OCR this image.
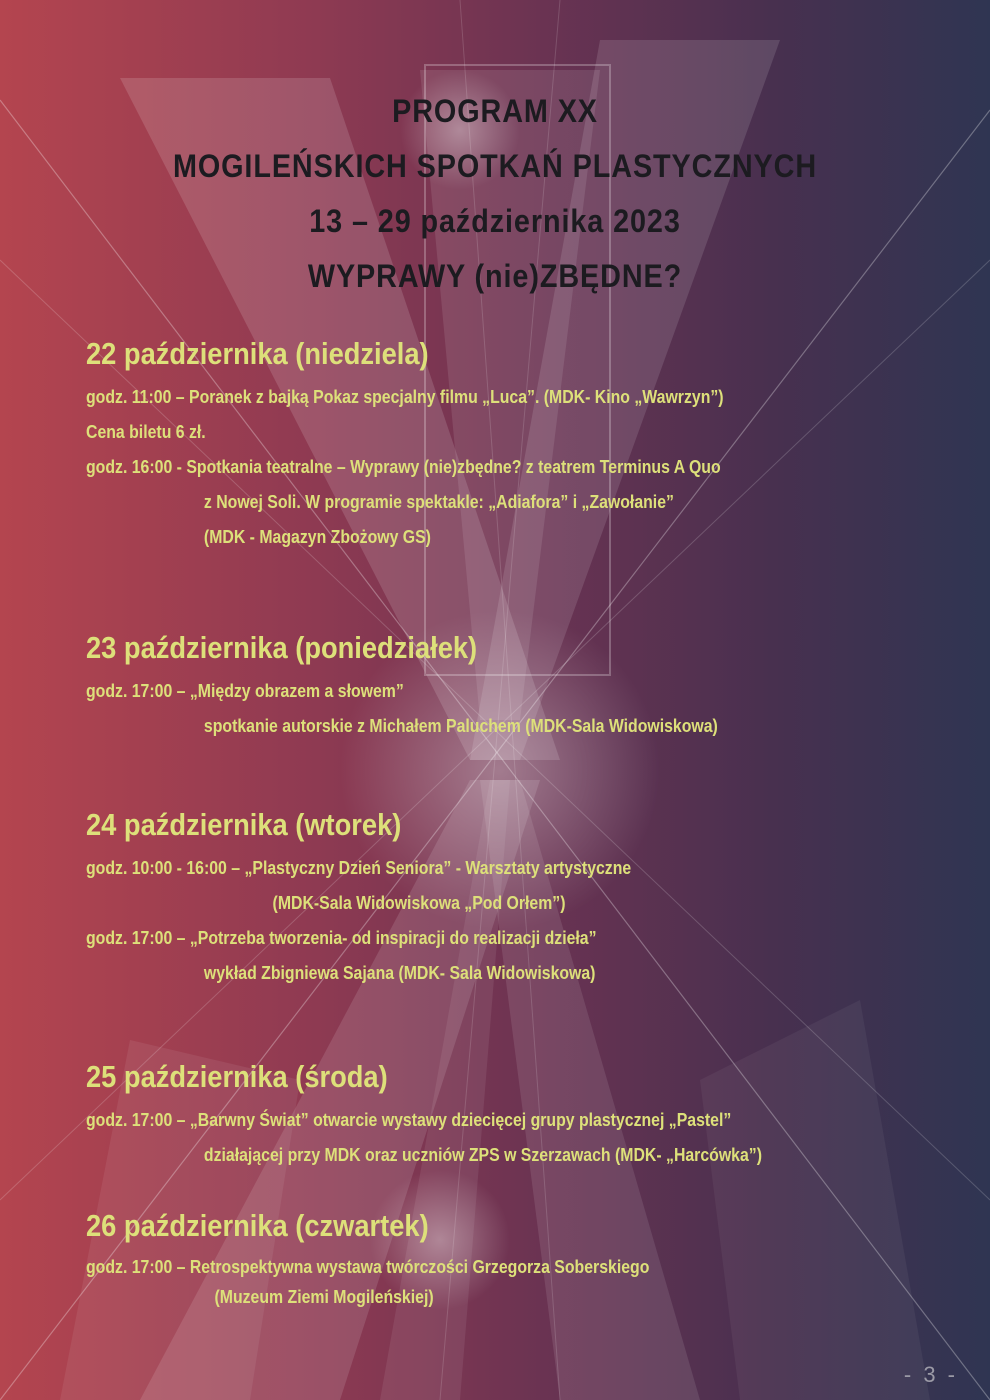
PROGRAM XX
MOGILEŃSKICH SPOTKAŃ PLASTYCZNYCH
13 – 29 października 2023
WYPRAWY (nie)ZBĘDNE?
22 października (niedziela)
godz. 11:00 – Poranek z bajką Pokaz specjalny filmu „Luca”. (MDK- Kino „Wawrzyn”)
Cena biletu 6 zł.
godz. 16:00 - Spotkania teatralne – Wyprawy (nie)zbędne? z teatrem Terminus A Quo
z Nowej Soli. W programie spektakle: „Adiafora” i „Zawołanie”
(MDK - Magazyn Zbożowy GS)
23 października (poniedziałek)
godz. 17:00 – „Między obrazem a słowem”
spotkanie autorskie z Michałem Paluchem (MDK-Sala Widowiskowa)
24 października (wtorek)
godz. 10:00 - 16:00 – „Plastyczny Dzień Seniora” - Warsztaty artystyczne
(MDK-Sala Widowiskowa „Pod Orłem”)
godz. 17:00 – „Potrzeba tworzenia- od inspiracji do realizacji dzieła”
wykład Zbigniewa Sajana (MDK- Sala Widowiskowa)
25 października (środa)
godz. 17:00 – „Barwny Świat” otwarcie wystawy dziecięcej grupy plastycznej „Pastel”
działającej przy MDK oraz uczniów ZPS w Szerzawach (MDK- „Harcówka”)
26 października (czwartek)
godz. 17:00 – Retrospektywna wystawa twórczości Grzegorza Soberskiego
(Muzeum Ziemi Mogileńskiej)
- 3 -
